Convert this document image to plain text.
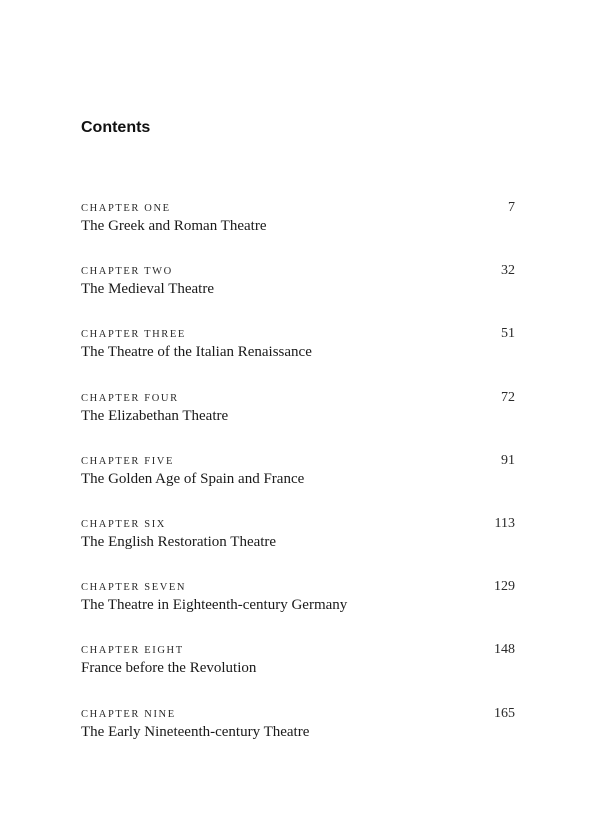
Contents
CHAPTER ONE
The Greek and Roman Theatre
7
CHAPTER TWO
The Medieval Theatre
32
CHAPTER THREE
The Theatre of the Italian Renaissance
51
CHAPTER FOUR
The Elizabethan Theatre
72
CHAPTER FIVE
The Golden Age of Spain and France
91
CHAPTER SIX
The English Restoration Theatre
113
CHAPTER SEVEN
The Theatre in Eighteenth-century Germany
129
CHAPTER EIGHT
France before the Revolution
148
CHAPTER NINE
The Early Nineteenth-century Theatre
165
